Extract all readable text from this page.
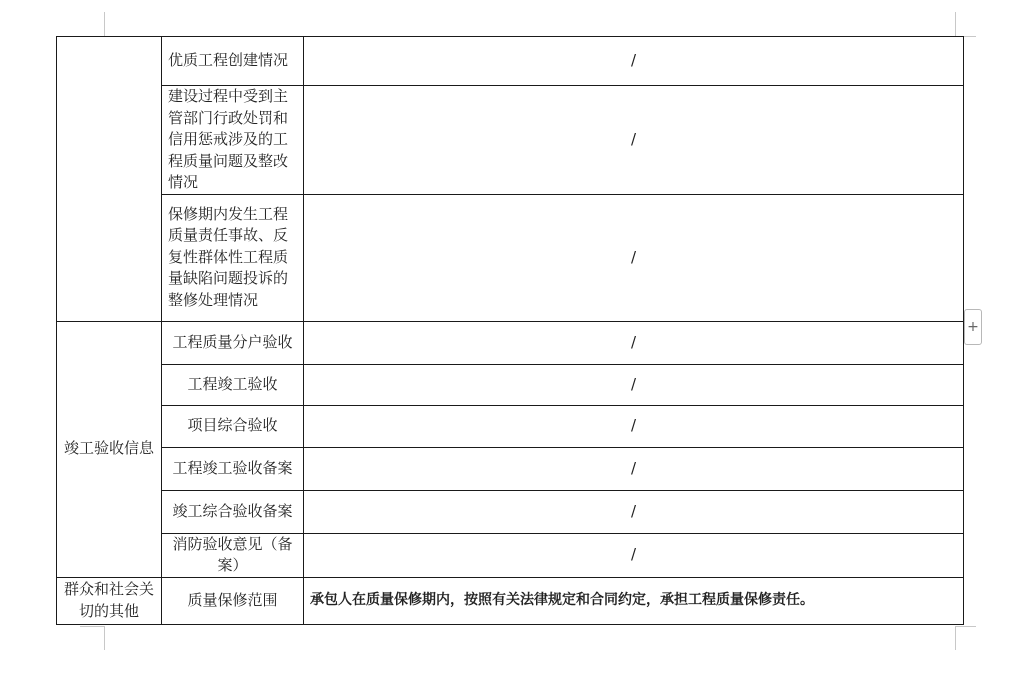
	优质工程创建情况	/
	建设过程中受到主管部门行政处罚和信用惩戒涉及的工程质量问题及整改情况	/
	保修期内发生工程质量责任事故、反复性群体性工程质量缺陷问题投诉的整修处理情况	/
竣工验收信息	工程质量分户验收	/
	工程竣工验收	/
	项目综合验收	/
	工程竣工验收备案	/
	竣工综合验收备案	/
	消防验收意见（备案）	/
群众和社会关切的其他	质量保修范围	承包人在质量保修期内，按照有关法律规定和合同约定，承担工程质量保修责任。
+
